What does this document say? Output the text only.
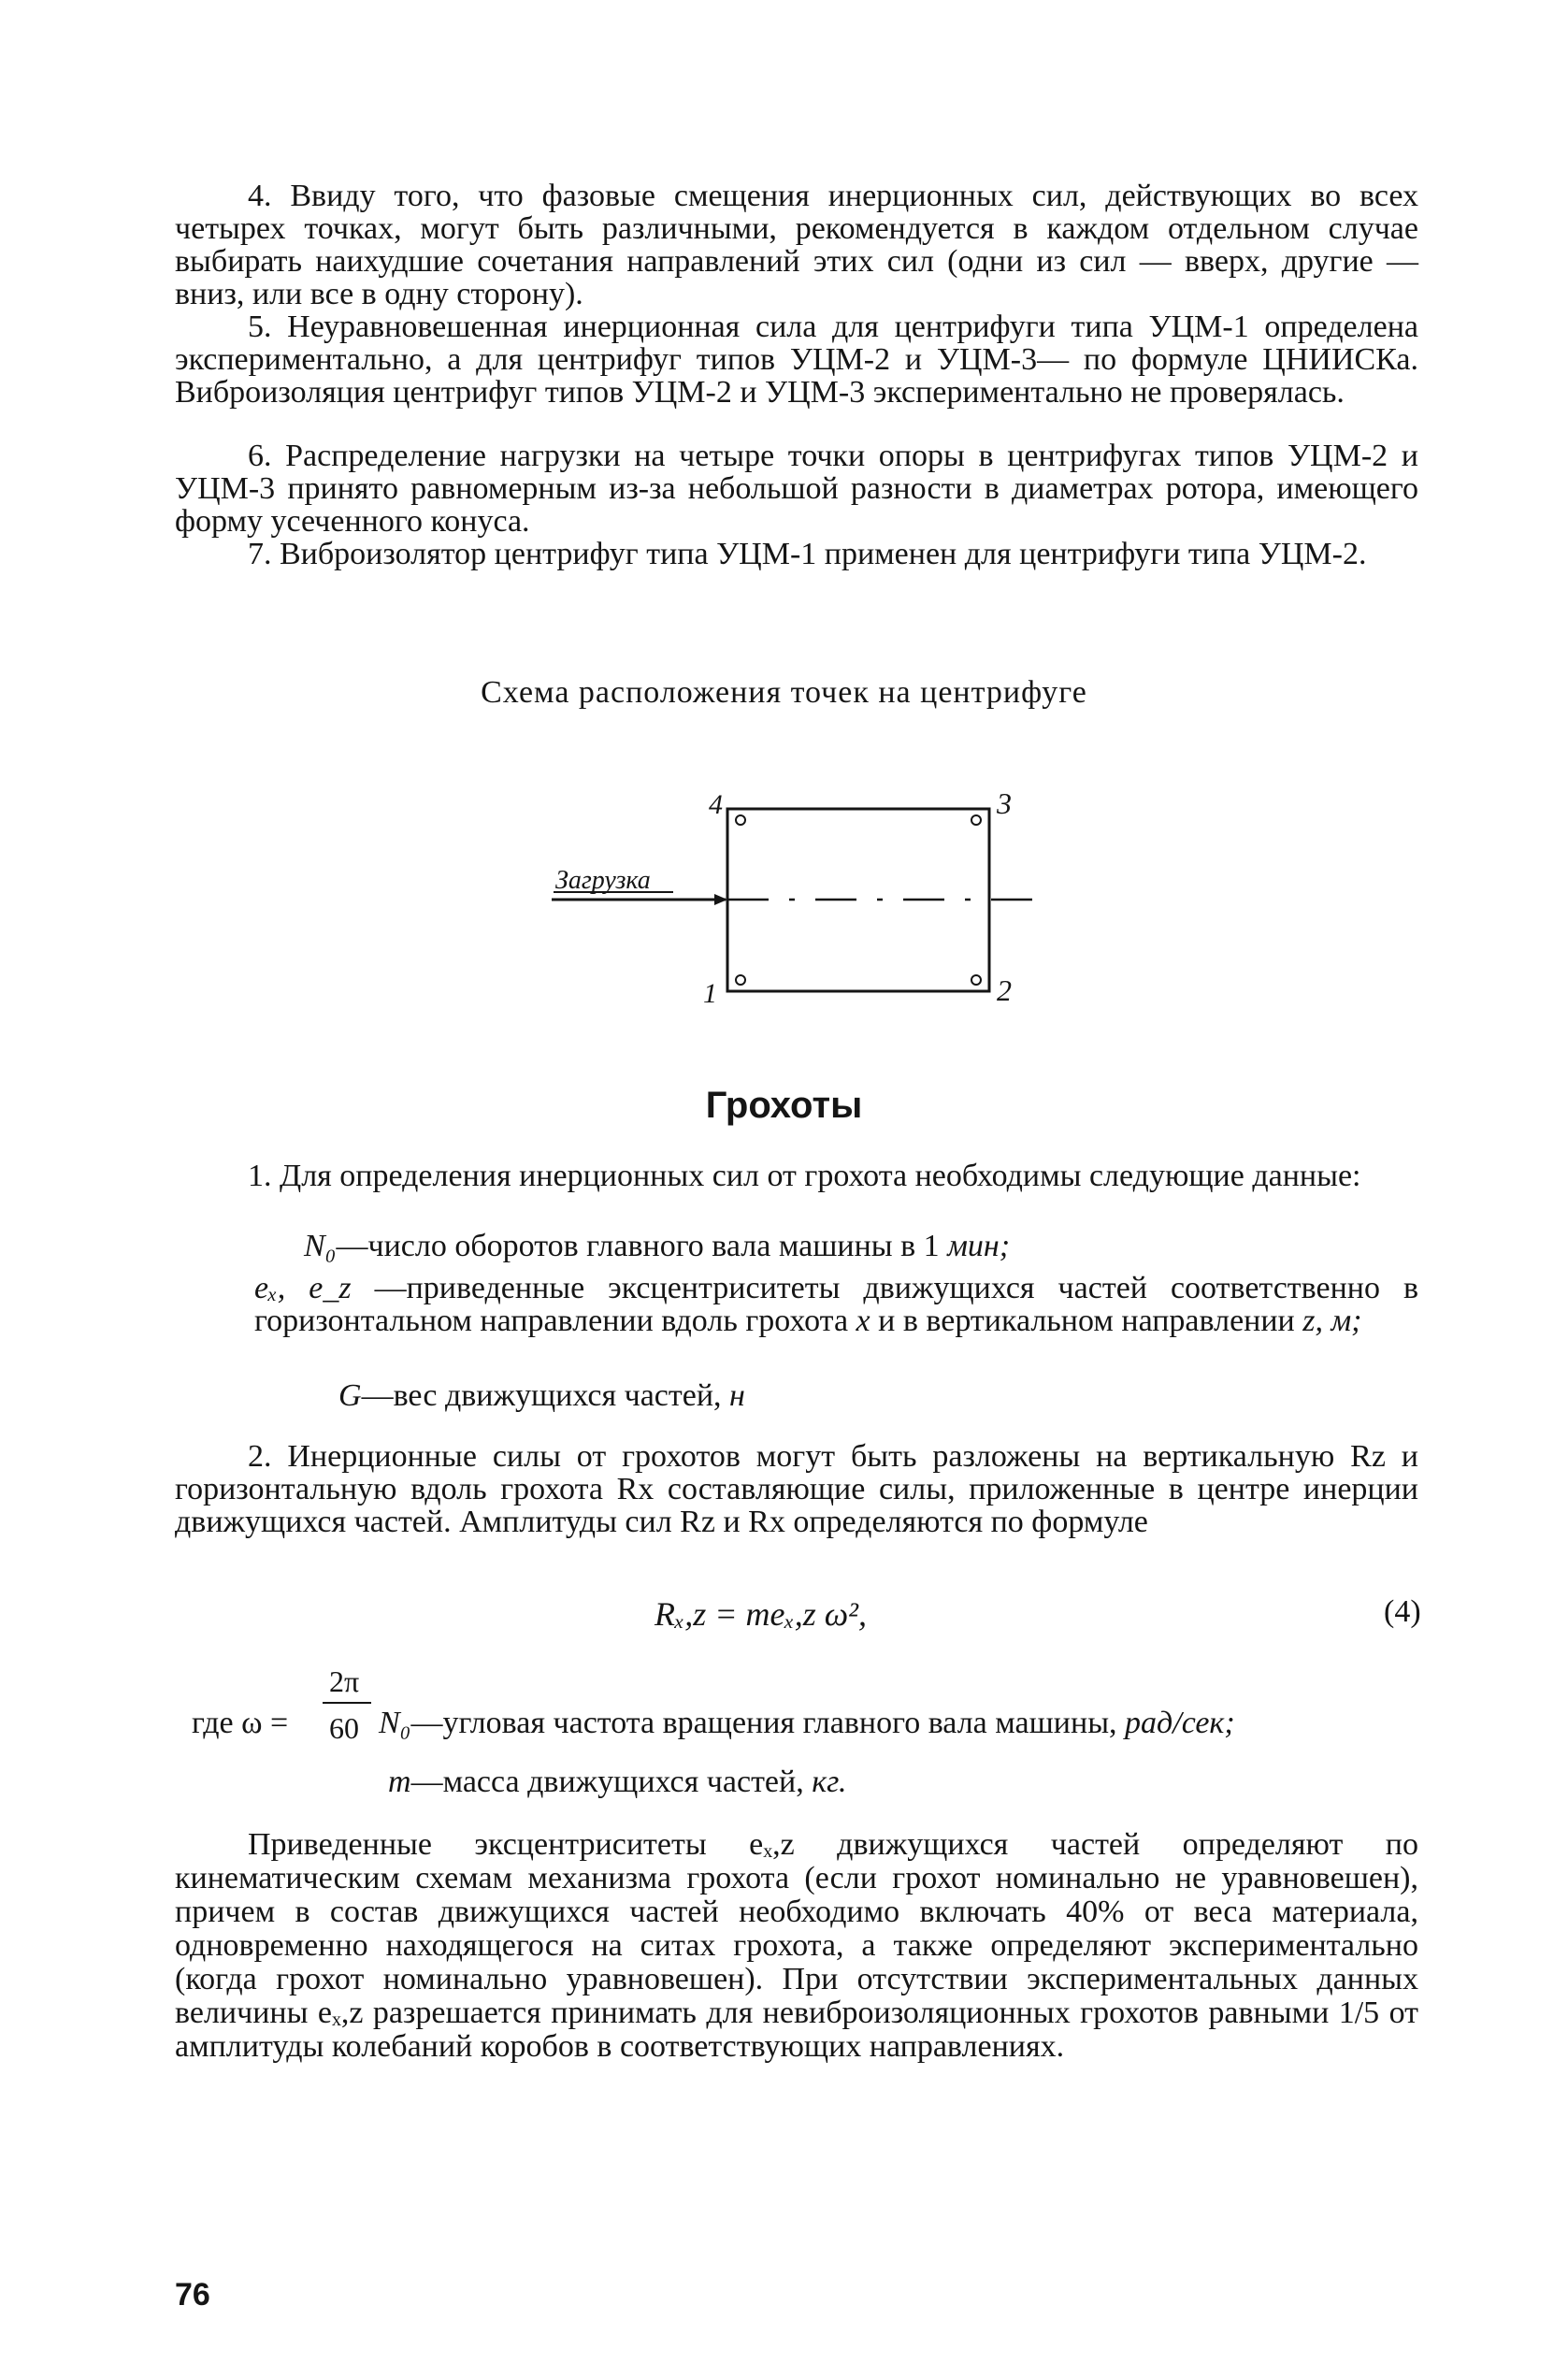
4. Ввиду того, что фазовые смещения инерционных сил, действующих во всех четырех точках, могут быть различными, рекомендуется в каждом отдельном случае выбирать наихудшие сочетания направлений этих сил (одни из сил — вверх, другие — вниз, или все в одну сторону).
5. Неуравновешенная инерционная сила для центрифуги типа УЦМ-1 определена экспериментально, а для центрифуг типов УЦМ-2 и УЦМ-3— по формуле ЦНИИСКа. Виброизоляция центрифуг типов УЦМ-2 и УЦМ-3 экспериментально не проверялась.
6. Распределение нагрузки на четыре точки опоры в центрифугах типов УЦМ-2 и УЦМ-3 принято равномерным из-за небольшой разности в диаметрах ротора, имеющего форму усеченного конуса.
7. Виброизолятор центрифуг типа УЦМ-1 применен для центрифуги типа УЦМ-2.
Схема расположения точек на центрифуге
Загрузка
4	3
1	2
Грохоты
1. Для определения инерционных сил от грохота необходимы следующие данные:
N₀—число оборотов главного вала машины в 1 мин;
eₓ, e_z —приведенные эксцентриситеты движущихся частей соответственно в горизонтальном направлении вдоль грохота x и в вертикальном направлении z, м;
G—вес движущихся частей, н
2. Инерционные силы от грохотов могут быть разложены на вертикальную Rz и горизонтальную вдоль грохота Rx составляющие силы, приложенные в центре инерции движущихся частей. Амплитуды сил Rz и Rx определяются по формуле
Rₓ,z = meₓ,z ω²,	(4)
где ω =
2π
60 N₀—угловая частота вращения главного вала машины, рад/сек;
m—масса движущихся частей, кг.
Приведенные эксцентриситеты eₓ,z движущихся частей определяют по кинематическим схемам механизма грохота (если грохот номинально не уравновешен), причем в состав движущихся частей необходимо включать 40% от веса материала, одновременно находящегося на ситах грохота, а также определяют экспериментально (когда грохот номинально уравновешен). При отсутствии экспериментальных данных величины eₓ,z разрешается принимать для невиброизоляционных грохотов равными 1/5 от амплитуды колебаний коробов в соответствующих направлениях.
76
